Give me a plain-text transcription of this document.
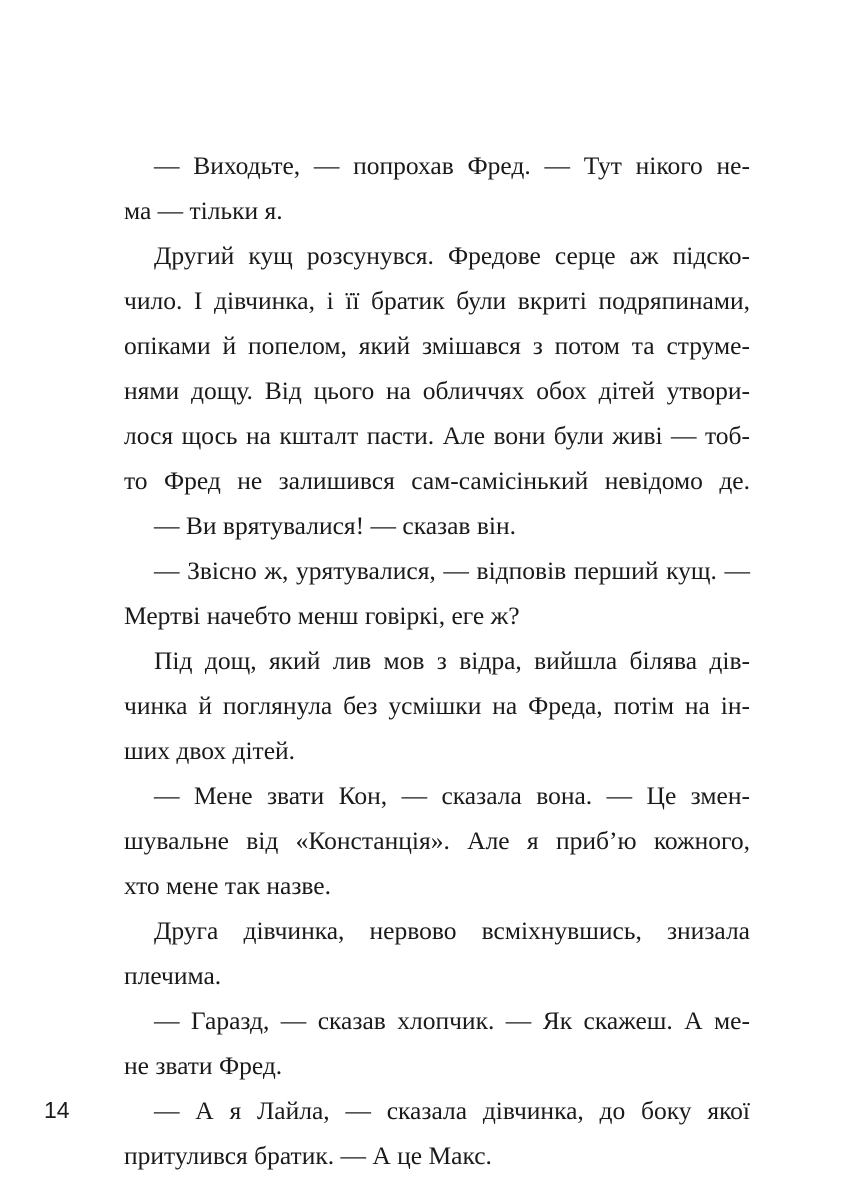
— Виходьте, — попрохав Фред. — Тут нікого не-
ма — тільки я.
Другий кущ розсунувся. Фредове серце аж підско-
чило. І дівчинка, і її братик були вкриті подряпинами,
опіками й попелом, який змішався з потом та струме-
нями дощу. Від цього на обличчях обох дітей утвори-
лося щось на кшталт пасти. Але вони були живі — тоб-
то Фред не залишився сам-самісінький невідомо де.
— Ви врятувалися! — сказав він.
— Звісно ж, урятувалися, — відповів перший кущ. —
Мертві начебто менш говіркі, еге ж?
Під дощ, який лив мов з відра, вийшла білява дів-
чинка й поглянула без усмішки на Фреда, потім на ін-
ших двох дітей.
— Мене звати Кон, — сказала вона. — Це змен-
шувальне від «Констанція». Але я приб’ю кожного,
хто мене так назве.
Друга дівчинка, нервово всміхнувшись, знизала
плечима.
— Гаразд, — сказав хлопчик. — Як скажеш. А ме-
не звати Фред.
— А я Лайла, — сказала дівчинка, до боку якої
притулився братик. — А це Макс.
14
